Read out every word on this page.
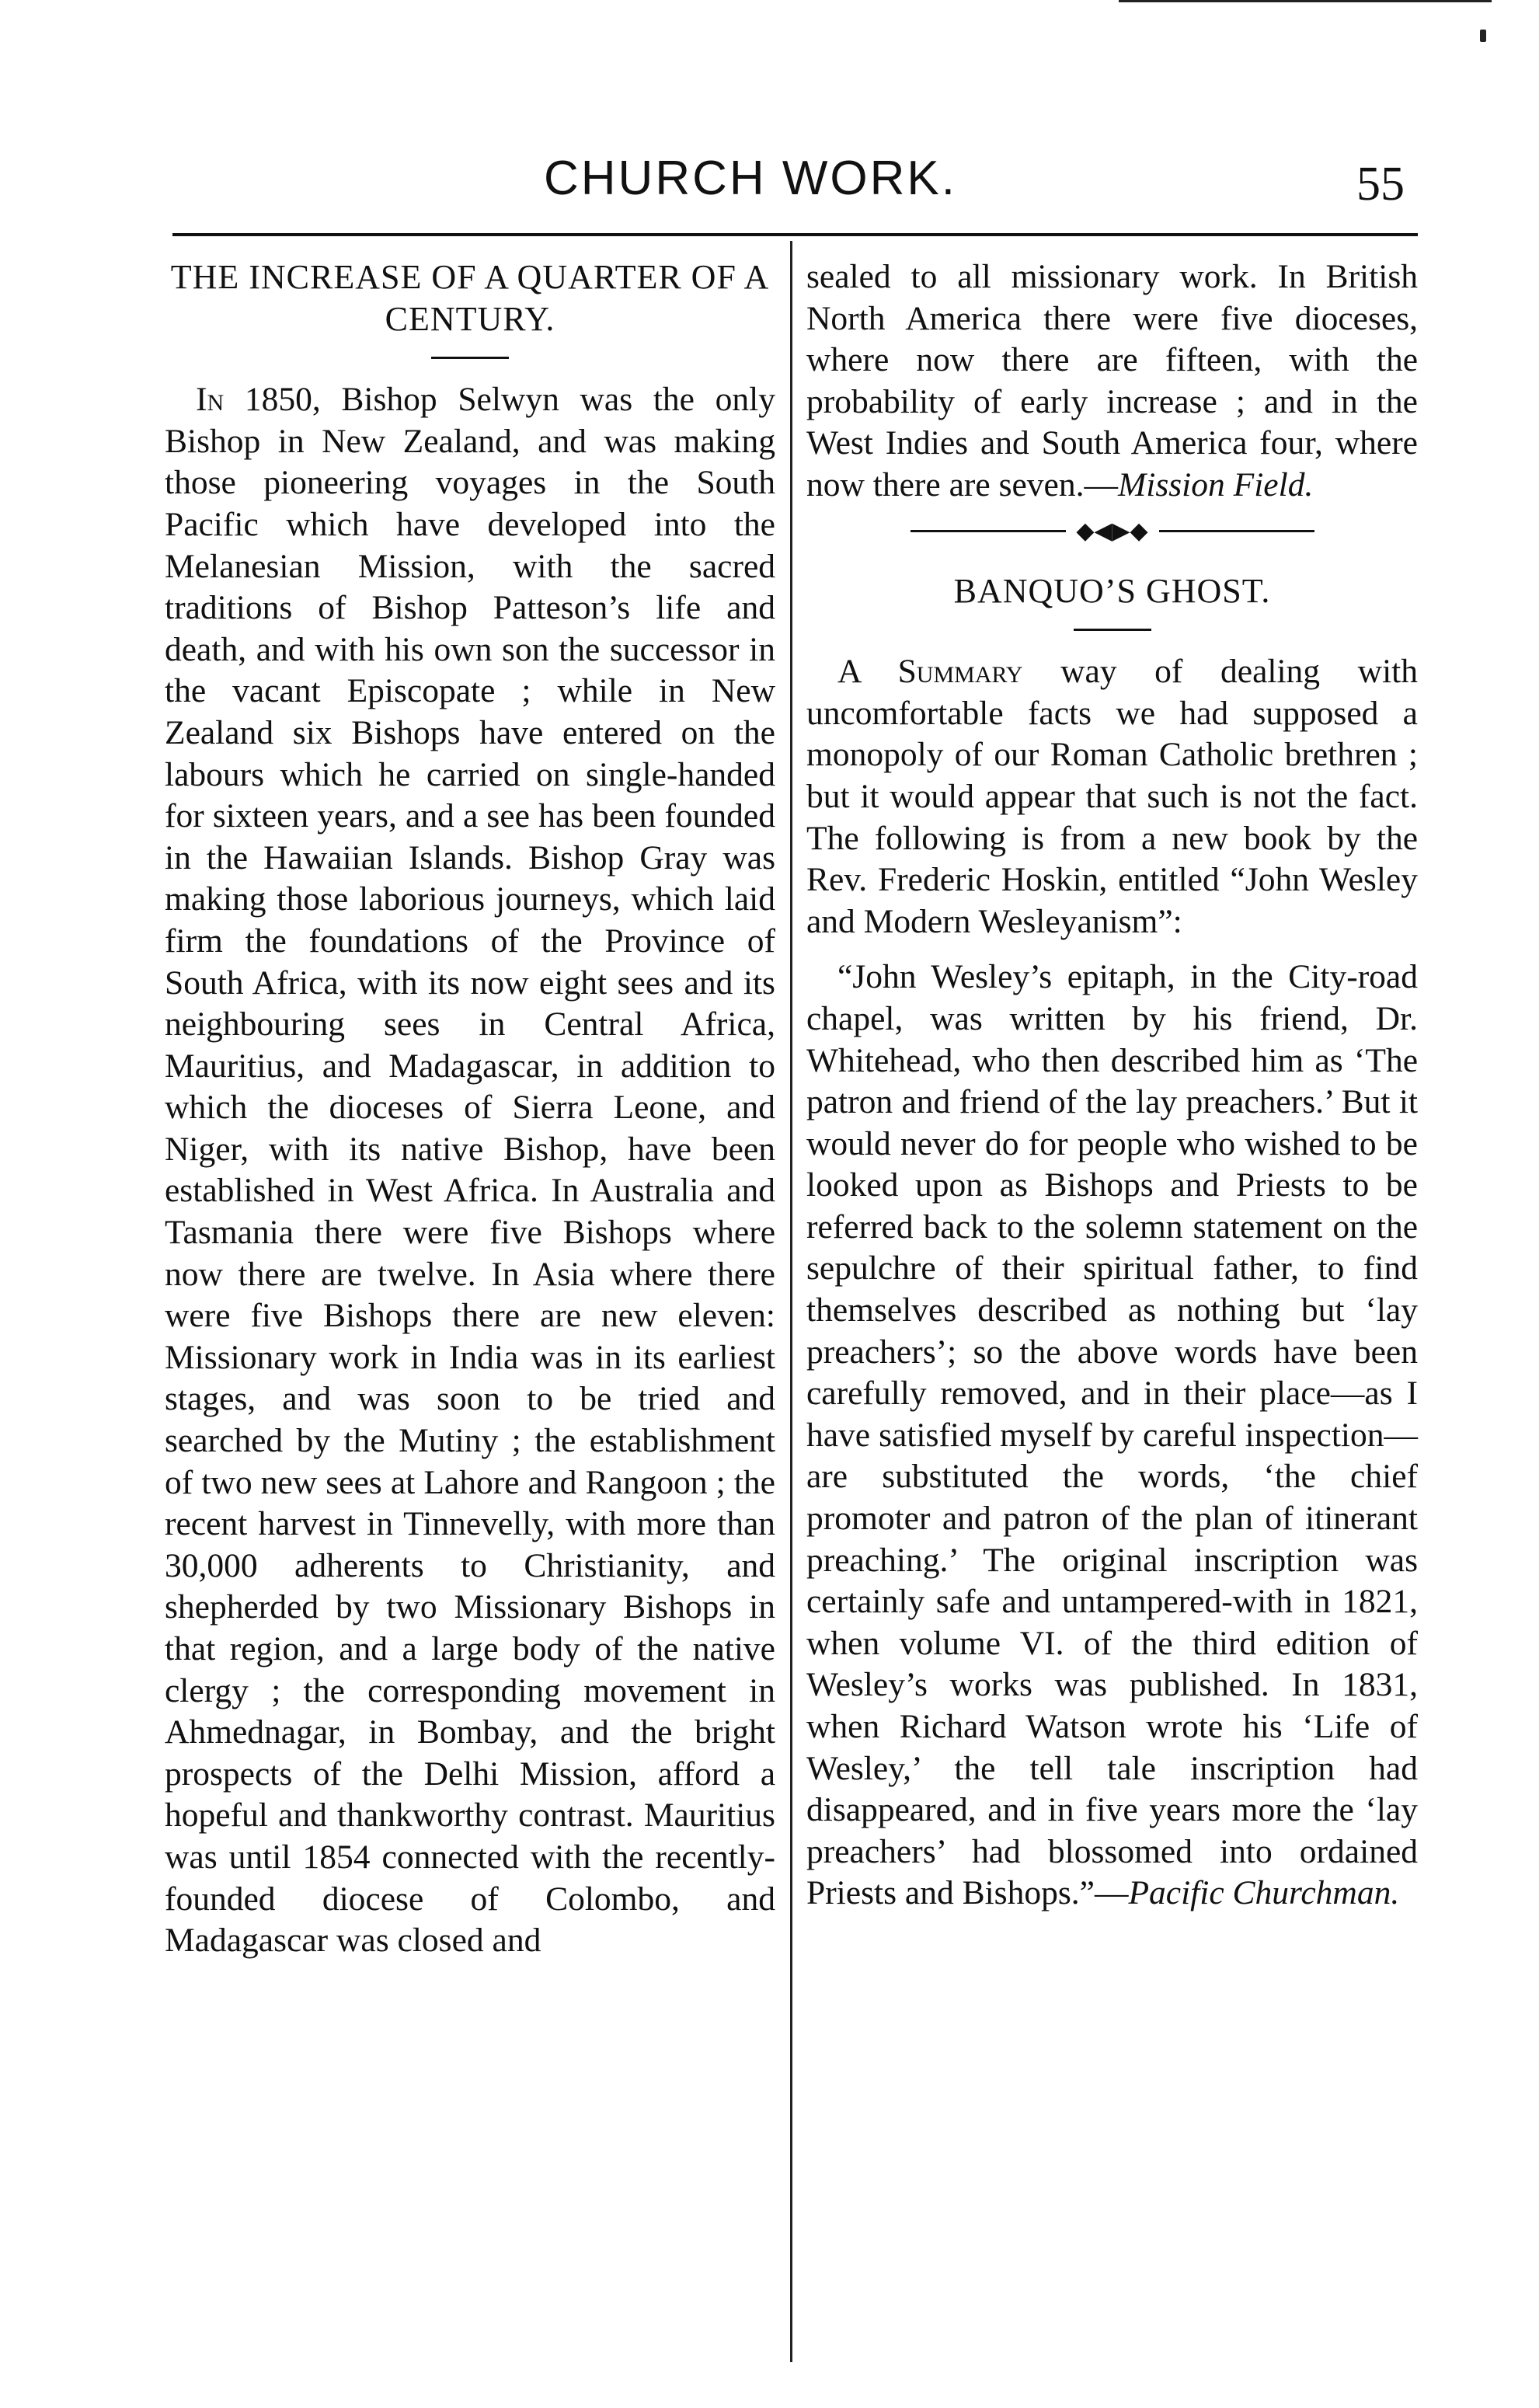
CHURCH WORK.	55
THE INCREASE OF A QUARTER OF A CENTURY.

In 1850, Bishop Selwyn was the only Bishop in New Zealand, and was making those pioneering voyages in the South Pacific which have developed into the Melanesian Mission, with the sacred traditions of Bishop Patteson’s life and death, and with his own son the successor in the vacant Episcopate ; while in New Zealand six Bishops have entered on the labours which he carried on single-handed for sixteen years, and a see has been founded in the Hawaiian Islands. Bishop Gray was making those laborious journeys, which laid firm the foundations of the Province of South Africa, with its now eight sees and its neighbouring sees in Central Africa, Mauritius, and Madagascar, in addition to which the dioceses of Sierra Leone, and Niger, with its native Bishop, have been established in West Africa. In Australia and Tasmania there were five Bishops where now there are twelve. In Asia where there were five Bishops there are new eleven: Missionary work in India was in its earliest stages, and was soon to be tried and searched by the Mutiny ; the establishment of two new sees at Lahore and Rangoon ; the recent harvest in Tinnevelly, with more than 30,000 adherents to Christianity, and shepherded by two Missionary Bishops in that region, and a large body of the native clergy ; the corresponding movement in Ahmednagar, in Bombay, and the bright prospects of the Delhi Mission, afford a hopeful and thankworthy contrast. Mauritius was until 1854 connected with the recently-founded diocese of Colombo, and Madagascar was closed and

sealed to all missionary work. In British North America there were five dioceses, where now there are fifteen, with the probability of early increase ; and in the West Indies and South America four, where now there are seven.—Mission Field.

◆◀▶◆
BANQUO’S GHOST.

A Summary way of dealing with uncomfortable facts we had supposed a monopoly of our Roman Catholic brethren ; but it would appear that such is not the fact. The following is from a new book by the Rev. Frederic Hoskin, entitled “John Wesley and Modern Wesleyanism”:

“John Wesley’s epitaph, in the City-road chapel, was written by his friend, Dr. Whitehead, who then described him as ‘The patron and friend of the lay preachers.’ But it would never do for people who wished to be looked upon as Bishops and Priests to be referred back to the solemn statement on the sepulchre of their spiritual father, to find themselves described as nothing but ‘lay preachers’; so the above words have been carefully removed, and in their place—as I have satisfied myself by careful inspection—are substituted the words, ‘the chief promoter and patron of the plan of itinerant preaching.’ The original inscription was certainly safe and untampered-with in 1821, when volume VI. of the third edition of Wesley’s works was published. In 1831, when Richard Watson wrote his ‘Life of Wesley,’ the tell tale inscription had disappeared, and in five years more the ‘lay preachers’ had blossomed into ordained Priests and Bishops.”—Pacific Churchman.
